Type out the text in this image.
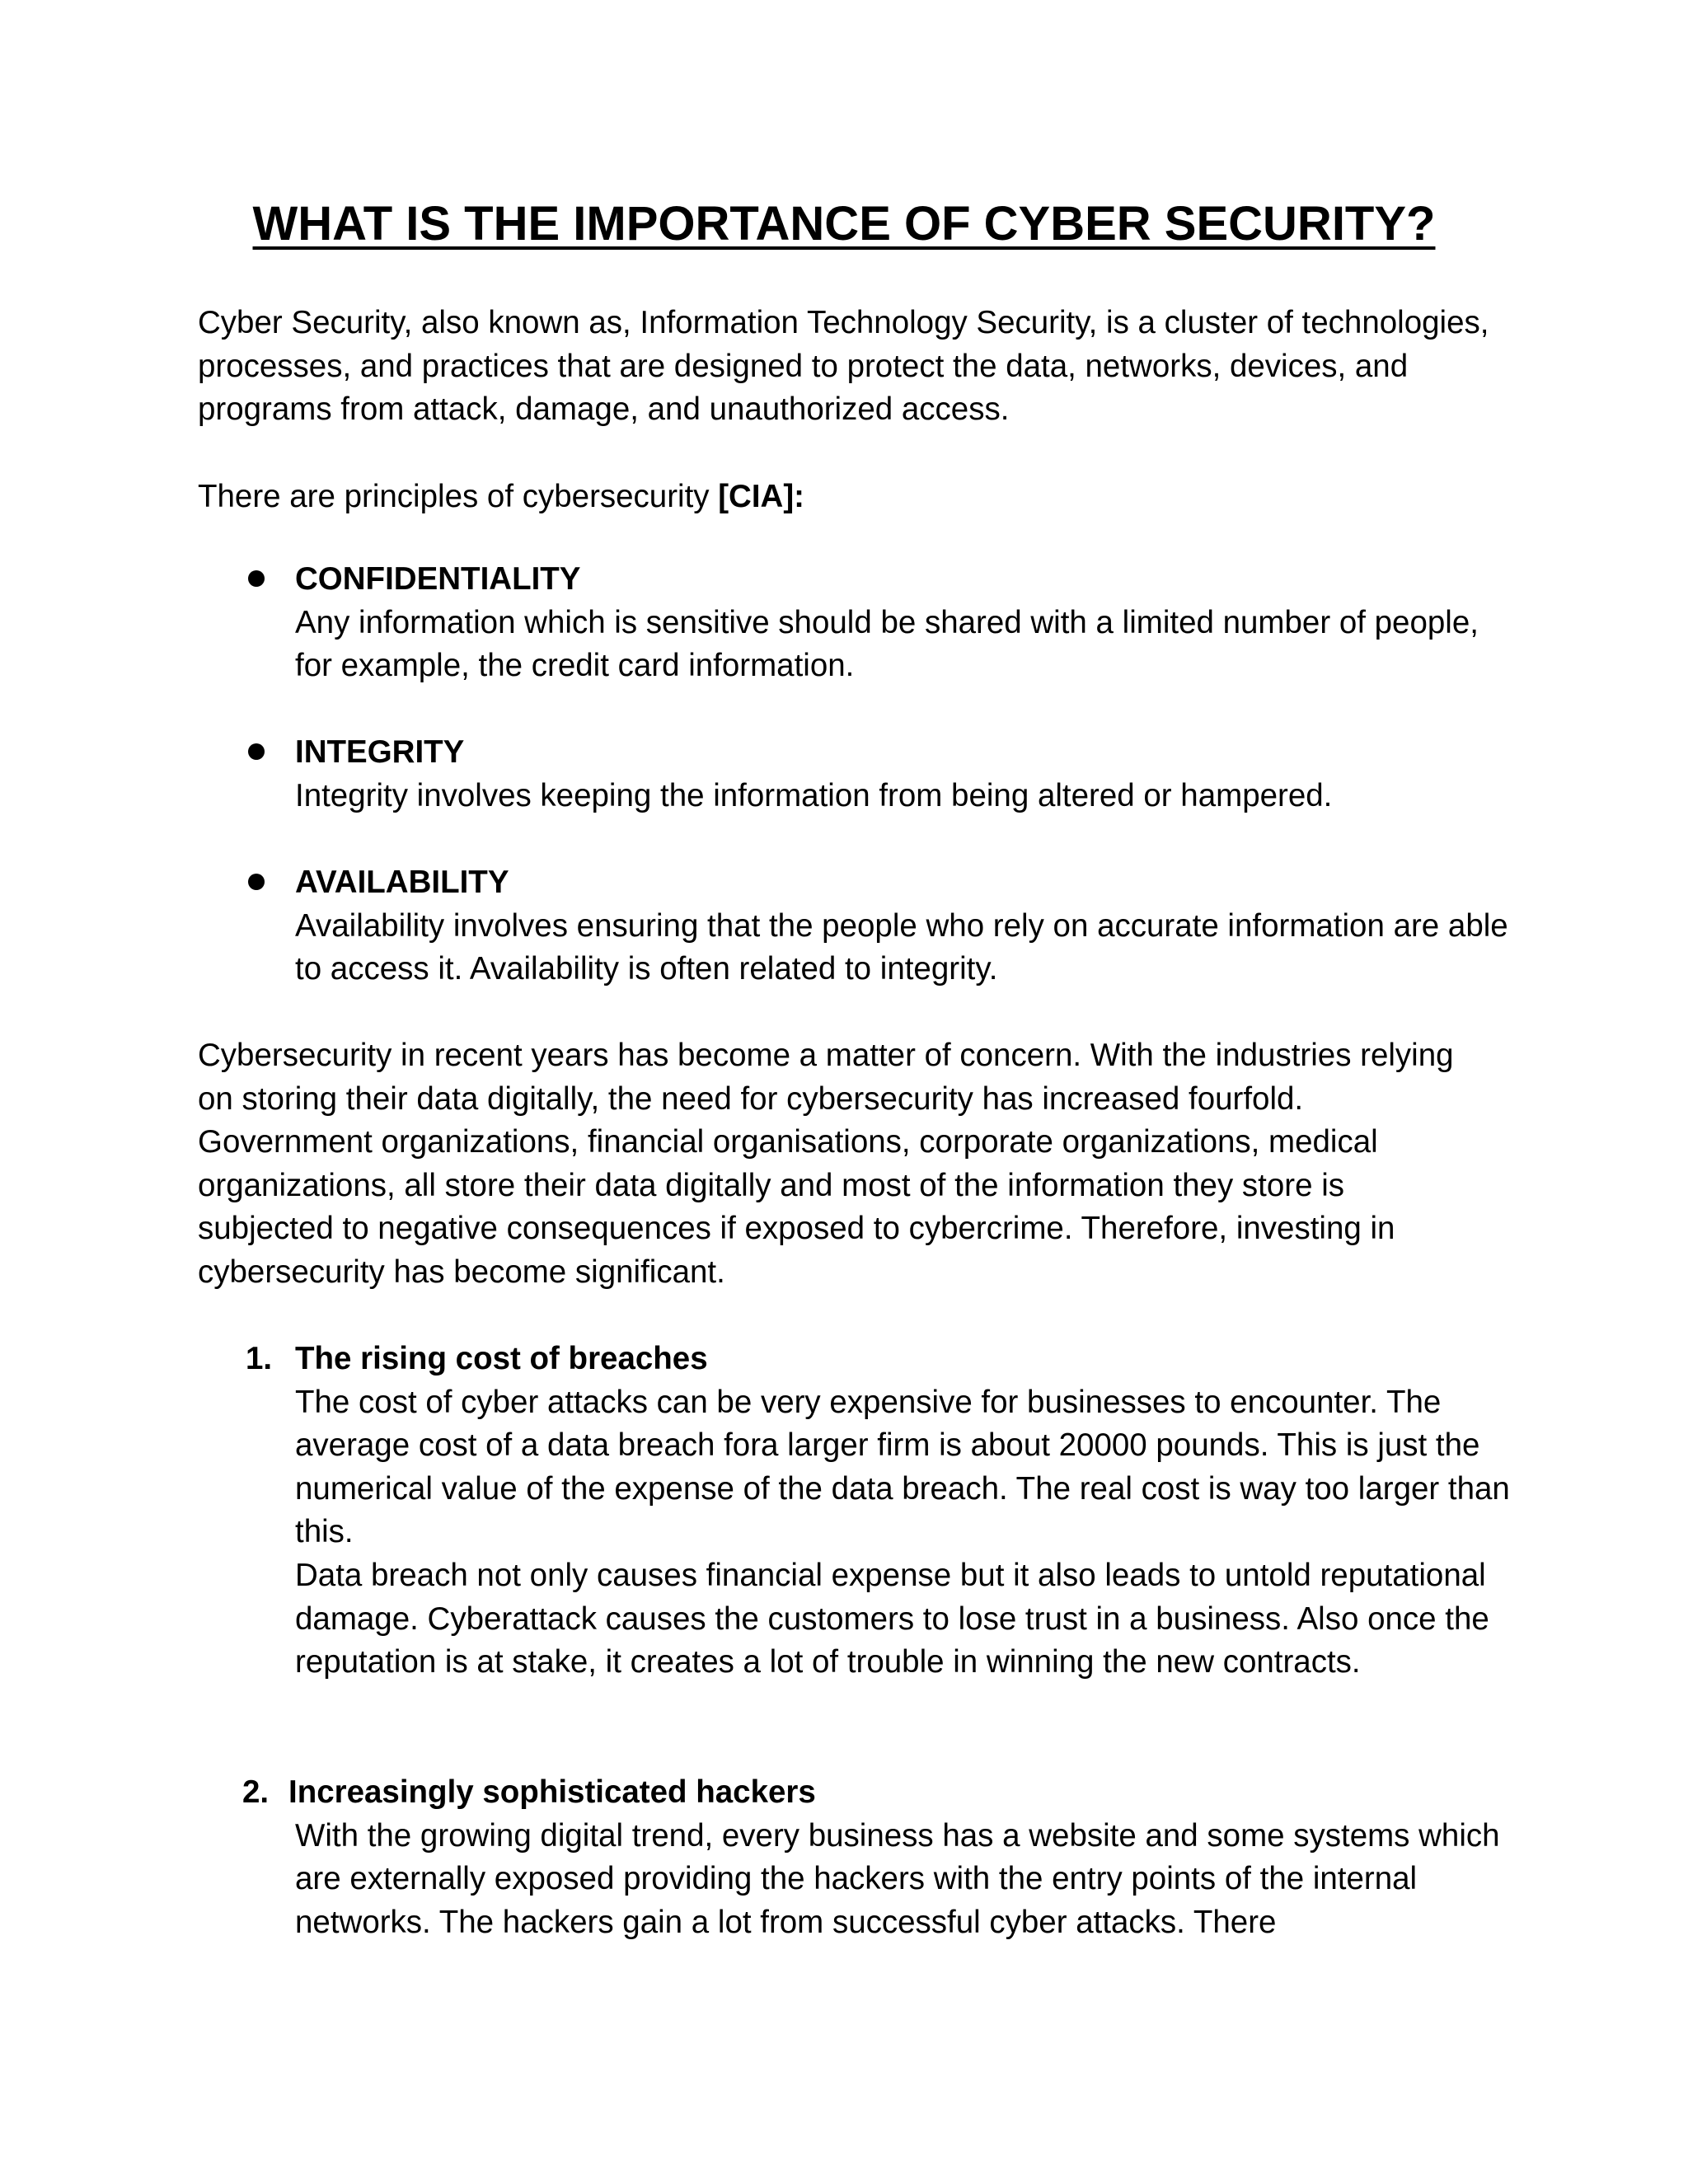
WHAT IS THE IMPORTANCE OF CYBER SECURITY?

Cyber Security, also known as, Information Technology Security, is a cluster of technologies, processes, and practices that are designed to protect the data, networks, devices, and programs from attack, damage, and unauthorized access.

There are principles of cybersecurity [CIA]:

CONFIDENTIALITY

Any information which is sensitive should be shared with a limited number of people, for example, the credit card information.

INTEGRITY

Integrity involves keeping the information from being altered or hampered.

AVAILABILITY

Availability involves ensuring that the people who rely on accurate information are able to access it. Availability is often related to integrity.

Cybersecurity in recent years has become a matter of concern. With the industries relying on storing their data digitally, the need for cybersecurity has increased fourfold. Government organizations, financial organisations, corporate organizations, medical organizations, all store their data digitally and most of the information they store is subjected to negative consequences if exposed to cybercrime. Therefore, investing in cybersecurity has become significant.

1. The rising cost of breaches

The cost of cyber attacks can be very expensive for businesses to encounter. The average cost of a data breach fora larger firm is about 20000 pounds. This is just the numerical value of the expense of the data breach. The real cost is way too larger than this.

Data breach not only causes financial expense but it also leads to untold reputational damage. Cyberattack causes the customers to lose trust in a business. Also once the reputation is at stake, it creates a lot of trouble in winning the new contracts.

2. Increasingly sophisticated hackers

With the growing digital trend, every business has a website and some systems which are externally exposed providing the hackers with the entry points of the internal networks. The hackers gain a lot from successful cyber attacks. There
